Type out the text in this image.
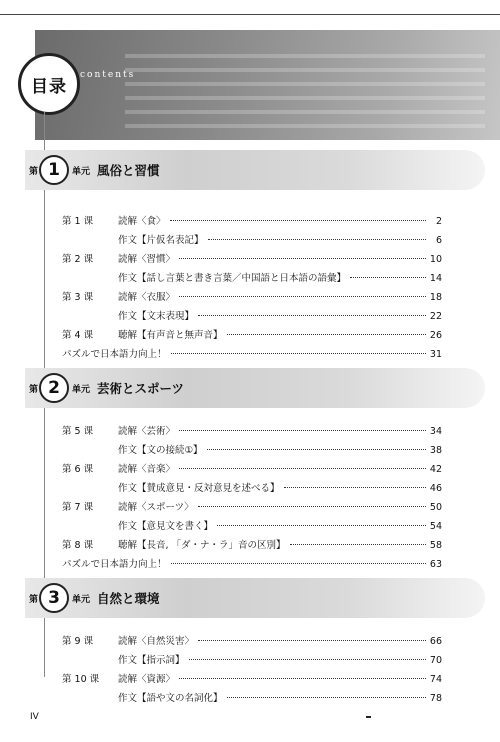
目录
contents
第 1	单元 風俗と習慣
第 1 课	読解〈食〉	2
作文【片仮名表記】	6
第 2 课	読解〈習慣〉	10
作文【話し言葉と書き言葉／中国語と日本語の語彙】	14
第 3 课	読解〈衣服〉	18
作文【文末表現】	22
第 4 课	聴解【有声音と無声音】	26
パズルで日本語力向上！	31
第 2	单元 芸術とスポーツ
第 5 课	読解〈芸術〉	34
作文【文の接続①】	38
第 6 课	読解〈音楽〉	42
作文【賛成意見・反対意見を述べる】	46
第 7 课	読解〈スポーツ〉	50
作文【意見文を書く】	54
第 8 课	聴解【長音, 「ダ・ナ・ラ」音の区別】	58
パズルで日本語力向上！	63
第 3	单元 自然と環境
第 9 课	読解〈自然災害〉	66
作文【指示詞】	70
第 10 课 読解〈資源〉	74
作文【語や文の名詞化】	78
IV
